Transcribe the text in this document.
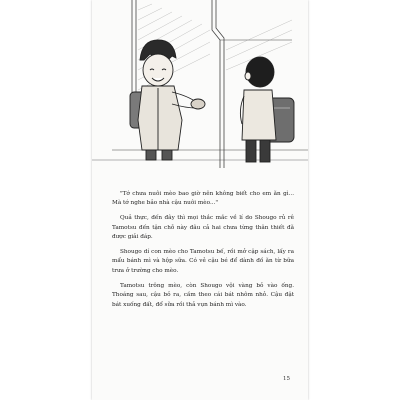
"Tớ chưa nuôi mèo bao giờ nên không biết cho em ăn gì... Mà tớ nghe bảo nhà cậu nuôi mèo..."

Quả thực, đến đây thì mọi thắc mắc về lí do Shougo rủ rê Tamotsu đến tận chỗ này đâu cả hai chưa từng thân thiết đã được giải đáp.

Shougo dí con mèo cho Tamotsu bế, rồi mở cặp sách, lấy ra mẩu bánh mì và hộp sữa. Có vẻ cậu bé để dành đồ ăn từ bữa trưa ở trường cho mèo.

Tamotsu trông mèo, còn Shougo vội vàng bỏ vào ống. Thoáng sau, cậu bỏ ra, cầm theo cái bát nhôm nhỏ. Cậu đặt bát xuống đất, đổ sữa rồi thả vụn bánh mì vào.

15
